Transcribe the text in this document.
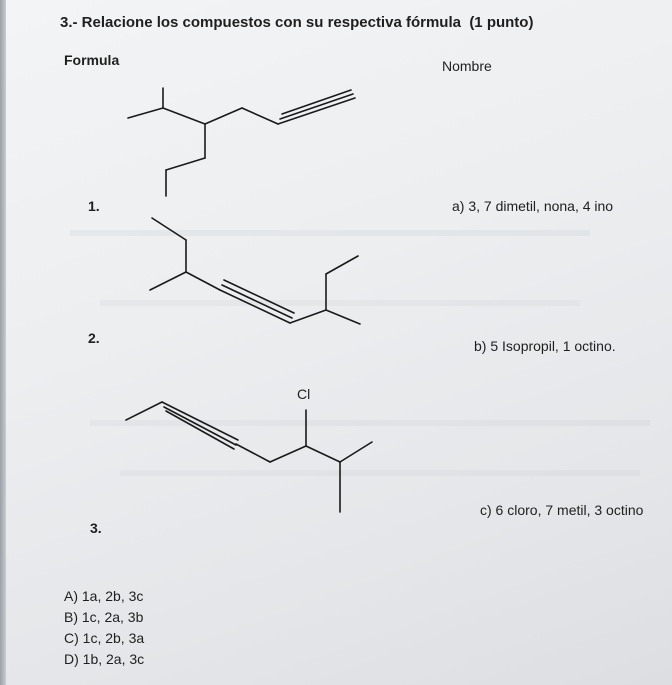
3.- Relacione los compuestos con su respectiva fórmula (1 punto)
Formula	Nombre
1.
2.
Cl
3.
a) 3, 7 dimetil, nona, 4 ino
b) 5 Isopropil, 1 octino.
c) 6 cloro, 7 metil, 3 octino
A) 1a, 2b, 3c
B) 1c, 2a, 3b
C) 1c, 2b, 3a
D) 1b, 2a, 3c
